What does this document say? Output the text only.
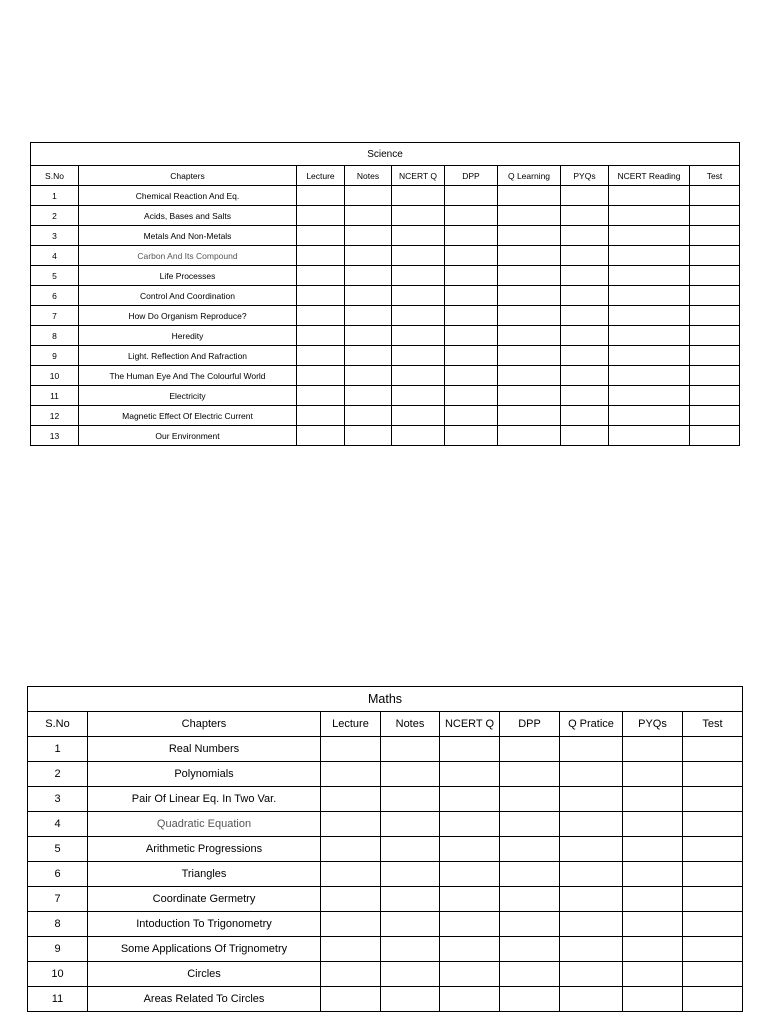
Science									
S.No	Chapters	Lecture	Notes	NCERT Q	DPP	Q Learning	PYQs	NCERT Reading	Test
1	Chemical Reaction And Eq.								
2	Acids, Bases and Salts								
3	Metals And Non-Metals								
4	Carbon And Its Compound								
5	Life Processes								
6	Control And Coordination								
7	How Do Organism Reproduce?								
8	Heredity								
9	Light. Reflection And Rafraction								
10	The Human Eye And The Colourful World								
11	Electricity								
12	Magnetic Effect Of Electric Current								
13	Our Environment								
Maths								
S.No	Chapters	Lecture	Notes	NCERT Q	DPP	Q Pratice	PYQs	Test
1	Real Numbers							
2	Polynomials							
3	Pair Of Linear Eq. In Two Var.							
4	Quadratic Equation							
5	Arithmetic Progressions							
6	Triangles							
7	Coordinate Germetry							
8	Intoduction To Trigonometry							
9	Some Applications Of Trignometry							
10	Circles							
11	Areas Related To Circles							
